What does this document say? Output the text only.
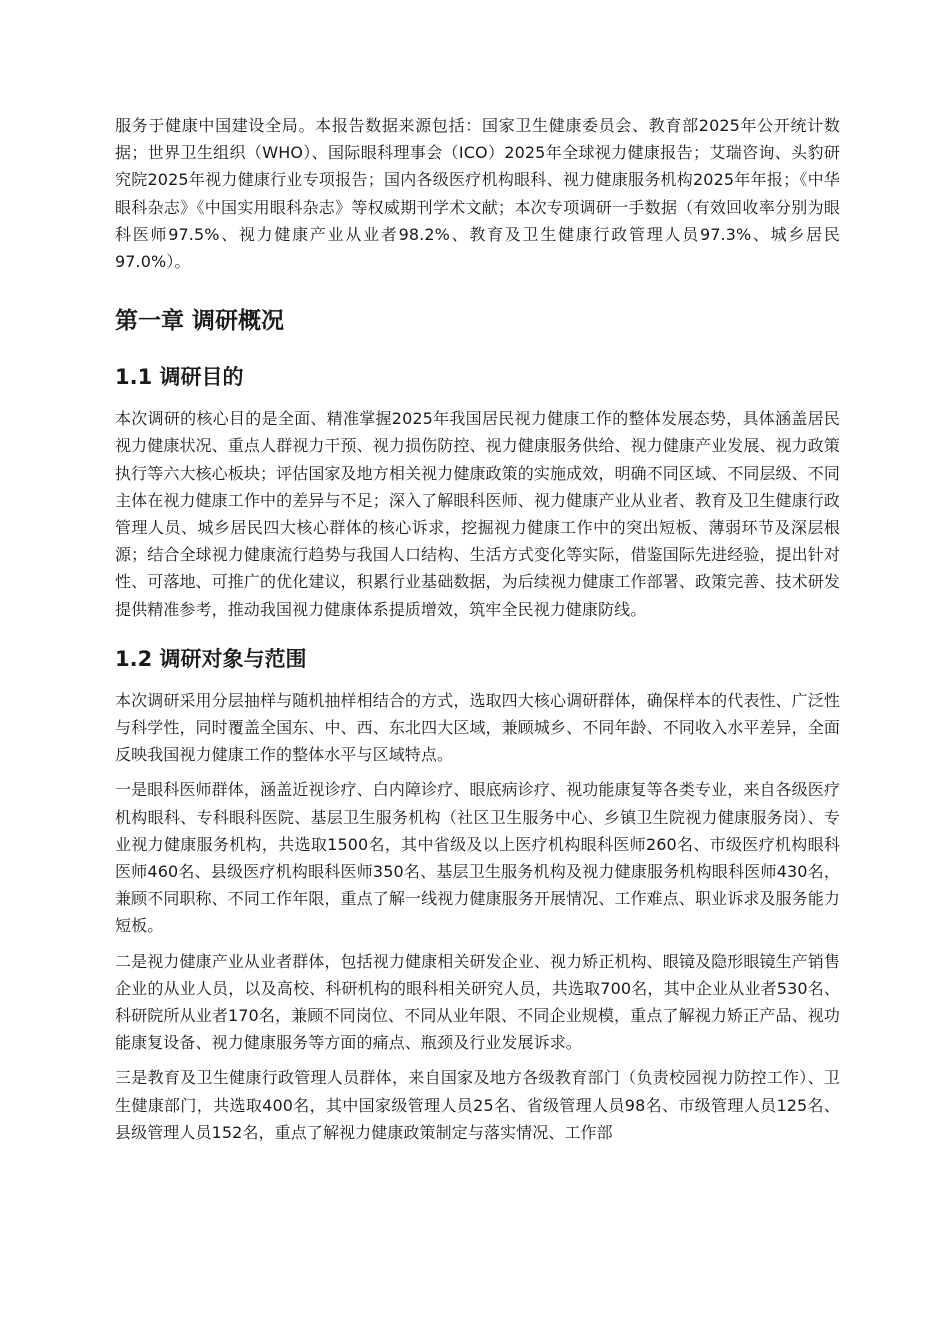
服务于健康中国建设全局。本报告数据来源包括：国家卫生健康委员会、教育部2025年公开统计数据；世界卫生组织（WHO）、国际眼科理事会（ICO）2025年全球视力健康报告；艾瑞咨询、头豹研究院2025年视力健康行业专项报告；国内各级医疗机构眼科、视力健康服务机构2025年年报；《中华眼科杂志》《中国实用眼科杂志》等权威期刊学术文献；本次专项调研一手数据（有效回收率分别为眼科医师97.5%、视力健康产业从业者98.2%、教育及卫生健康行政管理人员97.3%、城乡居民97.0%）。

第一章 调研概况
1.1 调研目的

本次调研的核心目的是全面、精准掌握2025年我国居民视力健康工作的整体发展态势，具体涵盖居民视力健康状况、重点人群视力干预、视力损伤防控、视力健康服务供给、视力健康产业发展、视力政策执行等六大核心板块；评估国家及地方相关视力健康政策的实施成效，明确不同区域、不同层级、不同主体在视力健康工作中的差异与不足；深入了解眼科医师、视力健康产业从业者、教育及卫生健康行政管理人员、城乡居民四大核心群体的核心诉求，挖掘视力健康工作中的突出短板、薄弱环节及深层根源；结合全球视力健康流行趋势与我国人口结构、生活方式变化等实际，借鉴国际先进经验，提出针对性、可落地、可推广的优化建议，积累行业基础数据，为后续视力健康工作部署、政策完善、技术研发提供精准参考，推动我国视力健康体系提质增效，筑牢全民视力健康防线。

1.2 调研对象与范围

本次调研采用分层抽样与随机抽样相结合的方式，选取四大核心调研群体，确保样本的代表性、广泛性与科学性，同时覆盖全国东、中、西、东北四大区域，兼顾城乡、不同年龄、不同收入水平差异，全面反映我国视力健康工作的整体水平与区域特点。

一是眼科医师群体，涵盖近视诊疗、白内障诊疗、眼底病诊疗、视功能康复等各类专业，来自各级医疗机构眼科、专科眼科医院、基层卫生服务机构（社区卫生服务中心、乡镇卫生院视力健康服务岗）、专业视力健康服务机构，共选取1500名，其中省级及以上医疗机构眼科医师260名、市级医疗机构眼科医师460名、县级医疗机构眼科医师350名、基层卫生服务机构及视力健康服务机构眼科医师430名，兼顾不同职称、不同工作年限，重点了解一线视力健康服务开展情况、工作难点、职业诉求及服务能力短板。

二是视力健康产业从业者群体，包括视力健康相关研发企业、视力矫正机构、眼镜及隐形眼镜生产销售企业的从业人员，以及高校、科研机构的眼科相关研究人员，共选取700名，其中企业从业者530名、科研院所从业者170名，兼顾不同岗位、不同从业年限、不同企业规模，重点了解视力矫正产品、视功能康复设备、视力健康服务等方面的痛点、瓶颈及行业发展诉求。

三是教育及卫生健康行政管理人员群体，来自国家及地方各级教育部门（负责校园视力防控工作）、卫生健康部门，共选取400名，其中国家级管理人员25名、省级管理人员98名、市级管理人员125名、县级管理人员152名，重点了解视力健康政策制定与落实情况、工作部
